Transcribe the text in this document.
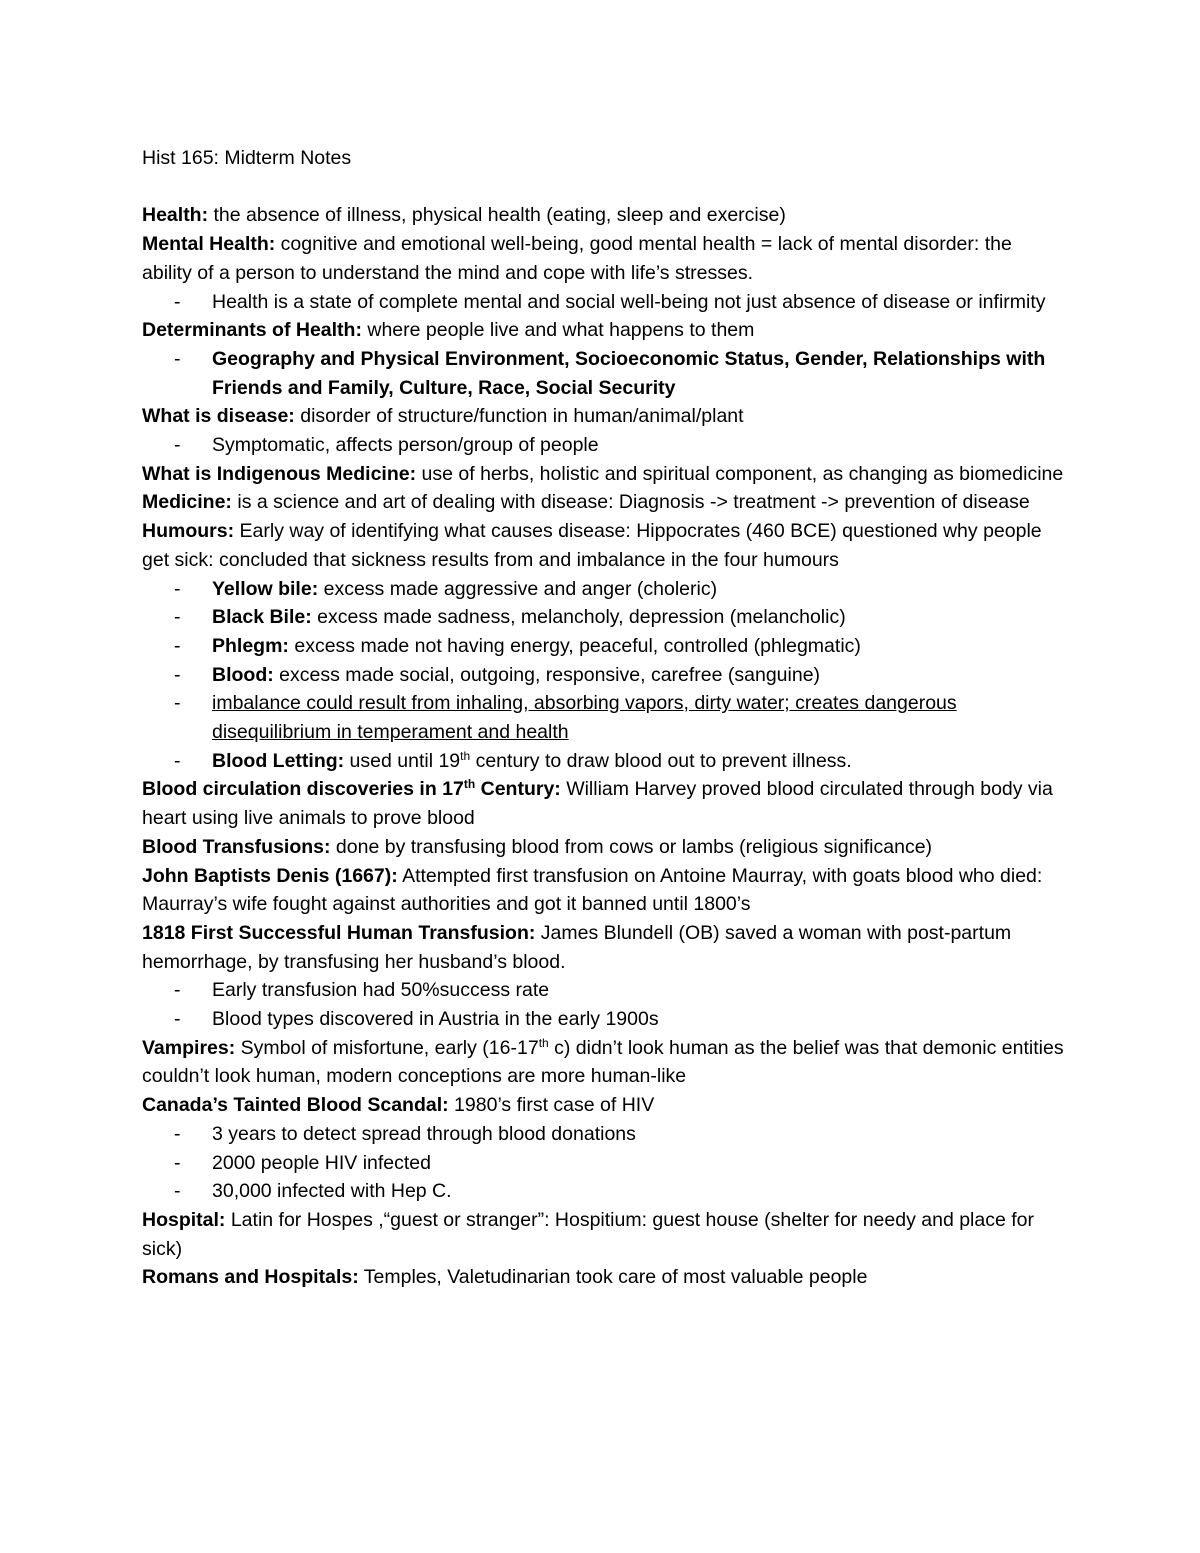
Hist 165: Midterm Notes

Health: the absence of illness, physical health (eating, sleep and exercise)

Mental Health: cognitive and emotional well-being, good mental health = lack of mental disorder: the ability of a person to understand the mind and cope with life’s stresses.

- Health is a state of complete mental and social well-being not just absence of disease or infirmity

Determinants of Health: where people live and what happens to them

- Geography and Physical Environment, Socioeconomic Status, Gender, Relationships with Friends and Family, Culture, Race, Social Security

What is disease: disorder of structure/function in human/animal/plant

- Symptomatic, affects person/group of people

What is Indigenous Medicine: use of herbs, holistic and spiritual component, as changing as biomedicine

Medicine: is a science and art of dealing with disease: Diagnosis -> treatment -> prevention of disease

Humours: Early way of identifying what causes disease: Hippocrates (460 BCE) questioned why people get sick: concluded that sickness results from and imbalance in the four humours

- Yellow bile: excess made aggressive and anger (choleric)
- Black Bile: excess made sadness, melancholy, depression (melancholic)
- Phlegm: excess made not having energy, peaceful, controlled (phlegmatic)
- Blood: excess made social, outgoing, responsive, carefree (sanguine)
- imbalance could result from inhaling, absorbing vapors, dirty water; creates dangerous disequilibrium in temperament and health
- Blood Letting: used until 19th century to draw blood out to prevent illness.

Blood circulation discoveries in 17th Century: William Harvey proved blood circulated through body via heart using live animals to prove blood

Blood Transfusions: done by transfusing blood from cows or lambs (religious significance)

John Baptists Denis (1667): Attempted first transfusion on Antoine Maurray, with goats blood who died: Maurray’s wife fought against authorities and got it banned until 1800’s

1818 First Successful Human Transfusion: James Blundell (OB) saved a woman with post-partum hemorrhage, by transfusing her husband’s blood.

- Early transfusion had 50%success rate
- Blood types discovered in Austria in the early 1900s

Vampires: Symbol of misfortune, early (16-17th c) didn’t look human as the belief was that demonic entities couldn’t look human, modern conceptions are more human-like

Canada’s Tainted Blood Scandal: 1980’s first case of HIV

- 3 years to detect spread through blood donations
- 2000 people HIV infected
- 30,000 infected with Hep C.

Hospital: Latin for Hospes ,“guest or stranger”: Hospitium: guest house (shelter for needy and place for sick)

Romans and Hospitals: Temples, Valetudinarian took care of most valuable people
